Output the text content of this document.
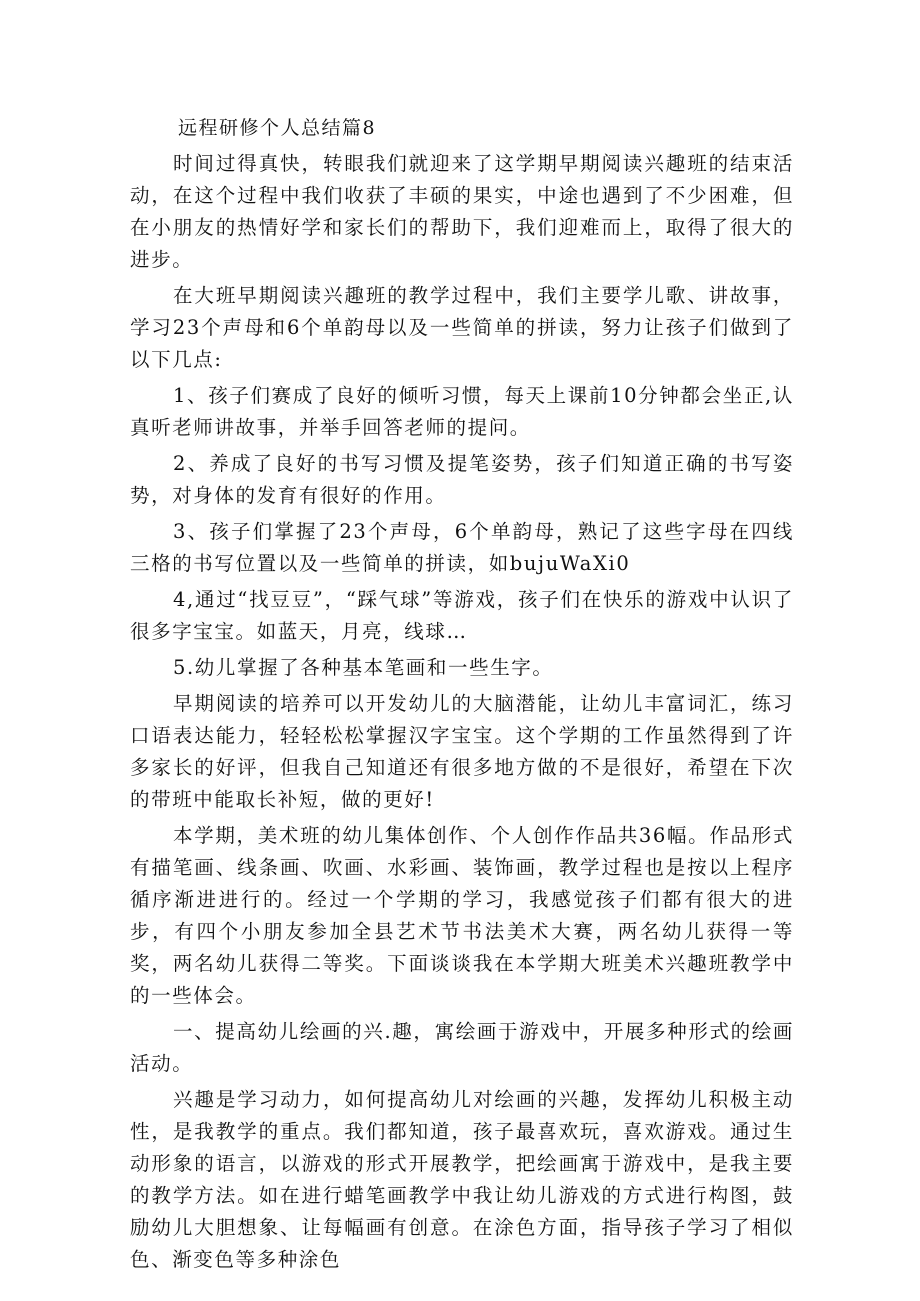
远程研修个人总结篇8

时间过得真快，转眼我们就迎来了这学期早期阅读兴趣班的结束活动，在这个过程中我们收获了丰硕的果实，中途也遇到了不少困难，但在小朋友的热情好学和家长们的帮助下，我们迎难而上，取得了很大的进步。

在大班早期阅读兴趣班的教学过程中，我们主要学儿歌、讲故事，学习23个声母和6个单韵母以及一些简单的拼读，努力让孩子们做到了以下几点:

1、孩子们赛成了良好的倾听习惯，每天上课前10分钟都会坐正,认真听老师讲故事，并举手回答老师的提问。

2、养成了良好的书写习惯及提笔姿势，孩子们知道正确的书写姿势，对身体的发育有很好的作用。

3、孩子们掌握了23个声母，6个单韵母，熟记了这些字母在四线三格的书写位置以及一些简单的拼读，如bujuWaXi0

4,通过“找豆豆”，“踩气球”等游戏，孩子们在快乐的游戏中认识了很多字宝宝。如蓝天，月亮，线球…

5.幼儿掌握了各种基本笔画和一些生字。

早期阅读的培养可以开发幼儿的大脑潜能，让幼儿丰富词汇，练习口语表达能力，轻轻松松掌握汉字宝宝。这个学期的工作虽然得到了许多家长的好评，但我自己知道还有很多地方做的不是很好，希望在下次的带班中能取长补短，做的更好!

本学期，美术班的幼儿集体创作、个人创作作品共36幅。作品形式有描笔画、线条画、吹画、水彩画、装饰画，教学过程也是按以上程序循序渐进进行的。经过一个学期的学习，我感觉孩子们都有很大的进步，有四个小朋友参加全县艺术节书法美术大赛，两名幼儿获得一等奖，两名幼儿获得二等奖。下面谈谈我在本学期大班美术兴趣班教学中的一些体会。

一、提高幼儿绘画的兴.趣，寓绘画于游戏中，开展多种形式的绘画活动。

兴趣是学习动力，如何提高幼儿对绘画的兴趣，发挥幼儿积极主动性，是我教学的重点。我们都知道，孩子最喜欢玩，喜欢游戏。通过生动形象的语言，以游戏的形式开展教学，把绘画寓于游戏中，是我主要的教学方法。如在进行蜡笔画教学中我让幼儿游戏的方式进行构图，鼓励幼儿大胆想象、让每幅画有创意。在涂色方面，指导孩子学习了相似色、渐变色等多种涂色
